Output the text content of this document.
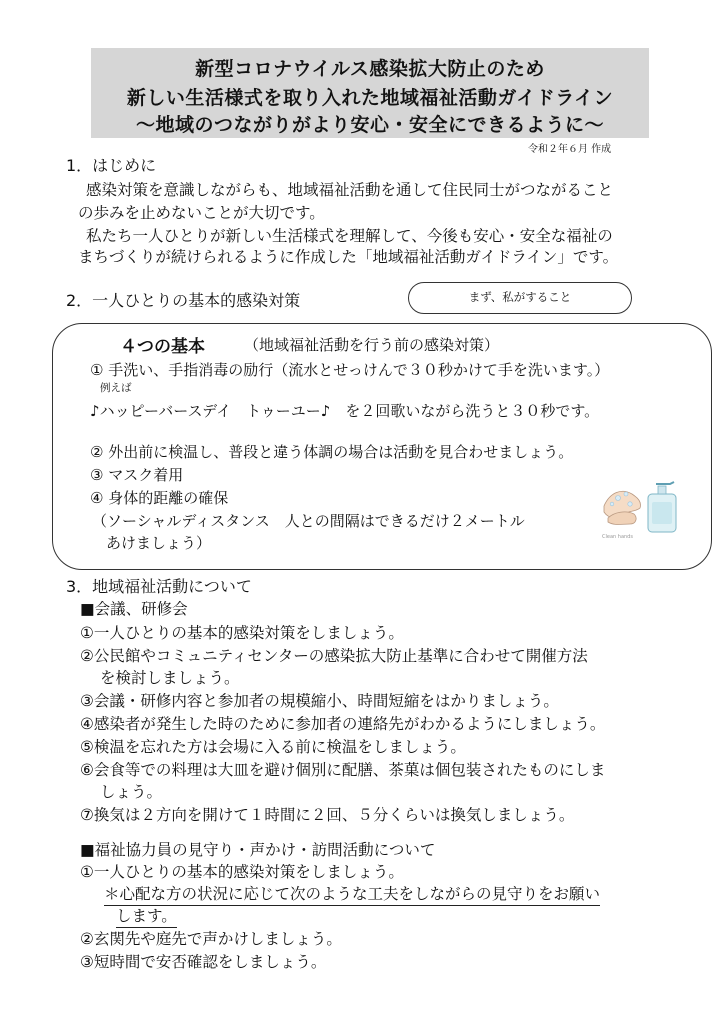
新型コロナウイルス感染拡大防止のため
新しい生活様式を取り入れた地域福祉活動ガイドライン
～地域のつながりがより安心・安全にできるように～
令和２年６月 作成
1．はじめに
感染対策を意識しながらも、地域福祉活動を通して住民同士がつながること
の歩みを止めないことが大切です。
私たち一人ひとりが新しい生活様式を理解して、今後も安心・安全な福祉の
まちづくりが続けられるように作成した「地域福祉活動ガイドライン」です。
2．一人ひとりの基本的感染対策	まず、私がすること
４つの基本	（地域福祉活動を行う前の感染対策）
① 手洗い、手指消毒の励行（流水とせっけんで３０秒かけて手を洗います。）
例えば
♪ハッピーバースデイ　トゥーユー♪　を２回歌いながら洗うと３０秒です。
② 外出前に検温し、普段と違う体調の場合は活動を見合わせましょう。
③ マスク着用
④ 身体的距離の確保
（ソーシャルディスタンス　人との間隔はできるだけ２メートル
あけましょう）	Clean hands
3．地域福祉活動について
■会議、研修会
①一人ひとりの基本的感染対策をしましょう。
②公民館やコミュニティセンターの感染拡大防止基準に合わせて開催方法
を検討しましょう。
③会議・研修内容と参加者の規模縮小、時間短縮をはかりましょう。
④感染者が発生した時のために参加者の連絡先がわかるようにしましょう。
⑤検温を忘れた方は会場に入る前に検温をしましょう。
⑥会食等での料理は大皿を避け個別に配膳、茶菓は個包装されたものにしま
しょう。
⑦換気は２方向を開けて１時間に２回、５分くらいは換気しましょう。
■福祉協力員の見守り・声かけ・訪問活動について
①一人ひとりの基本的感染対策をしましょう。
＊心配な方の状況に応じて次のような工夫をしながらの見守りをお願い
します。
②玄関先や庭先で声かけしましょう。
③短時間で安否確認をしましょう。
